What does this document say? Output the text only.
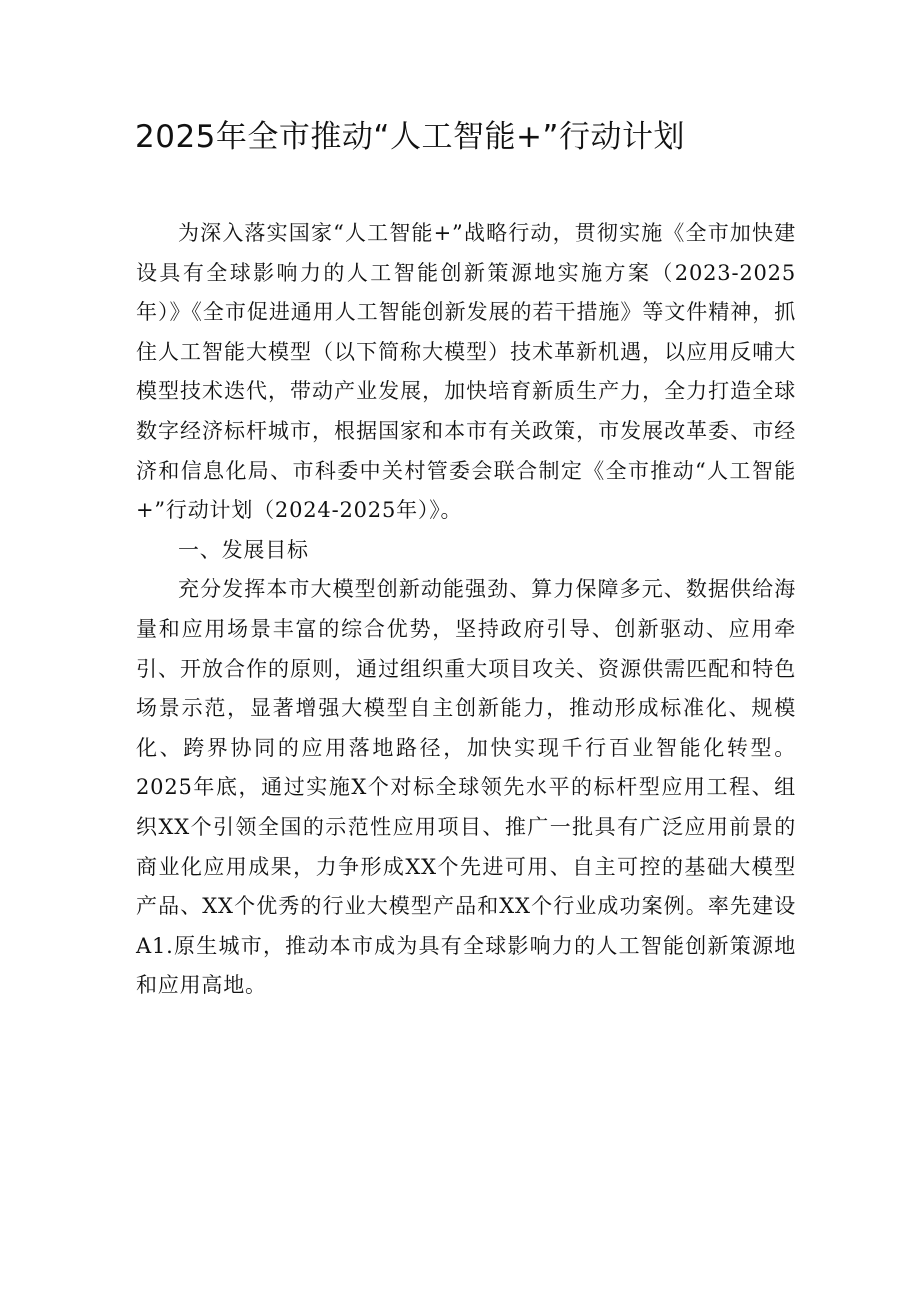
2025年全市推动“人工智能+”行动计划

为深入落实国家“人工智能+”战略行动，贯彻实施《全市加快建设具有全球影响力的人工智能创新策源地实施方案（2023-2025年）》《全市促进通用人工智能创新发展的若干措施》等文件精神，抓住人工智能大模型（以下简称大模型）技术革新机遇，以应用反哺大模型技术迭代，带动产业发展，加快培育新质生产力，全力打造全球数字经济标杆城市，根据国家和本市有关政策，市发展改革委、市经济和信息化局、市科委中关村管委会联合制定《全市推动“人工智能+”行动计划（2024-2025年）》。

一、发展目标

充分发挥本市大模型创新动能强劲、算力保障多元、数据供给海量和应用场景丰富的综合优势，坚持政府引导、创新驱动、应用牵引、开放合作的原则，通过组织重大项目攻关、资源供需匹配和特色场景示范，显著增强大模型自主创新能力，推动形成标准化、规模化、跨界协同的应用落地路径，加快实现千行百业智能化转型。2025年底，通过实施X个对标全球领先水平的标杆型应用工程、组织XX个引领全国的示范性应用项目、推广一批具有广泛应用前景的商业化应用成果，力争形成XX个先进可用、自主可控的基础大模型产品、XX个优秀的行业大模型产品和XX个行业成功案例。率先建设A1.原生城市，推动本市成为具有全球影响力的人工智能创新策源地和应用高地。
